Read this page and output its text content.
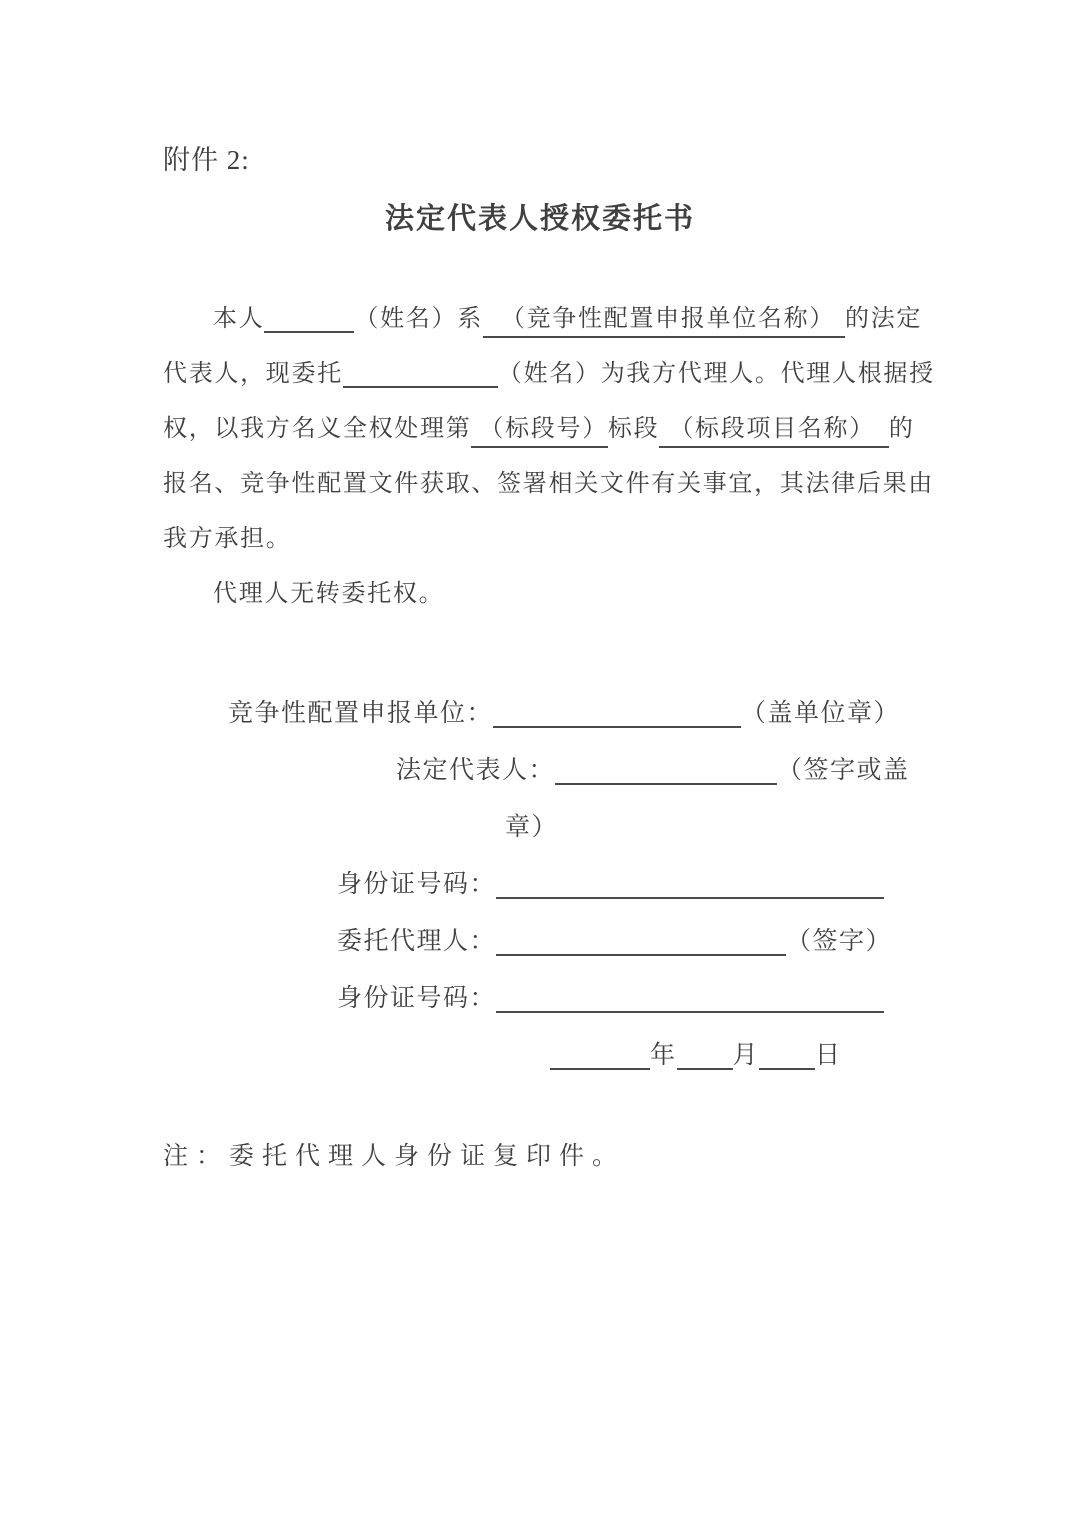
附件 2:
法定代表人授权委托书
本人	（姓名）系 （竞争性配置申报单位名称） 的法定
代表人，现委托	（姓名）为我方代理人。代理人根据授
权，以我方名义全权处理第 （标段号）标段 （标段项目名称） 的
报名、竞争性配置文件获取、签署相关文件有关事宜，其法律后果由
我方承担。
代理人无转委托权。
竞争性配置申报单位：	（盖单位章）
法定代表人：	（签字或盖
章）
身份证号码：
委托代理人：	（签字）
身份证号码：
年 月 日
注：委托代理人身份证复印件。
